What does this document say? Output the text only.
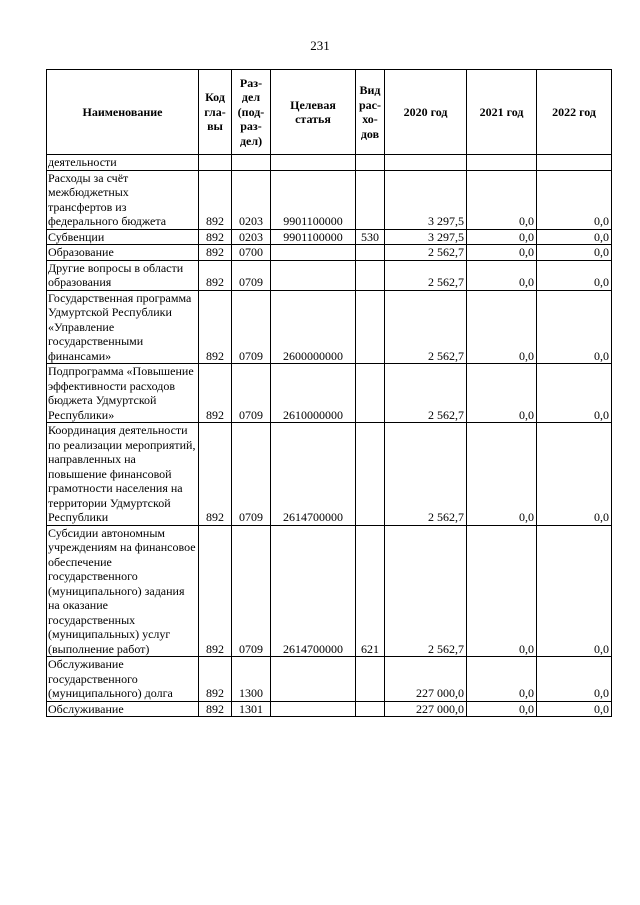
231
Наименование	Код гла-вы	Раз-дел (под-раз-дел)	Целевая статья	Вид рас-хо-дов	2020 год	2021 год	2022 год
деятельности							
Расходы за счёт межбюджетных трансфертов из федерального бюджета	892	0203	9901100000		3 297,5	0,0	0,0
Субвенции	892	0203	9901100000	530	3 297,5	0,0	0,0
Образование	892	0700			2 562,7	0,0	0,0
Другие вопросы в области образования	892	0709			2 562,7	0,0	0,0
Государственная программа Удмуртской Республики «Управление государственными финансами»	892	0709	2600000000		2 562,7	0,0	0,0
Подпрограмма «Повышение эффективности расходов бюджета Удмуртской Республики»	892	0709	2610000000		2 562,7	0,0	0,0
Координация деятельности по реализации мероприятий, направленных на повышение финансовой грамотности населения на территории Удмуртской Республики	892	0709	2614700000		2 562,7	0,0	0,0
Субсидии автономным учреждениям на финансовое обеспечение государственного (муниципального) задания на оказание государственных (муниципальных) услуг (выполнение работ)	892	0709	2614700000	621	2 562,7	0,0	0,0
Обслуживание государственного (муниципального) долга	892	1300			227 000,0	0,0	0,0
Обслуживание	892	1301			227 000,0	0,0	0,0
